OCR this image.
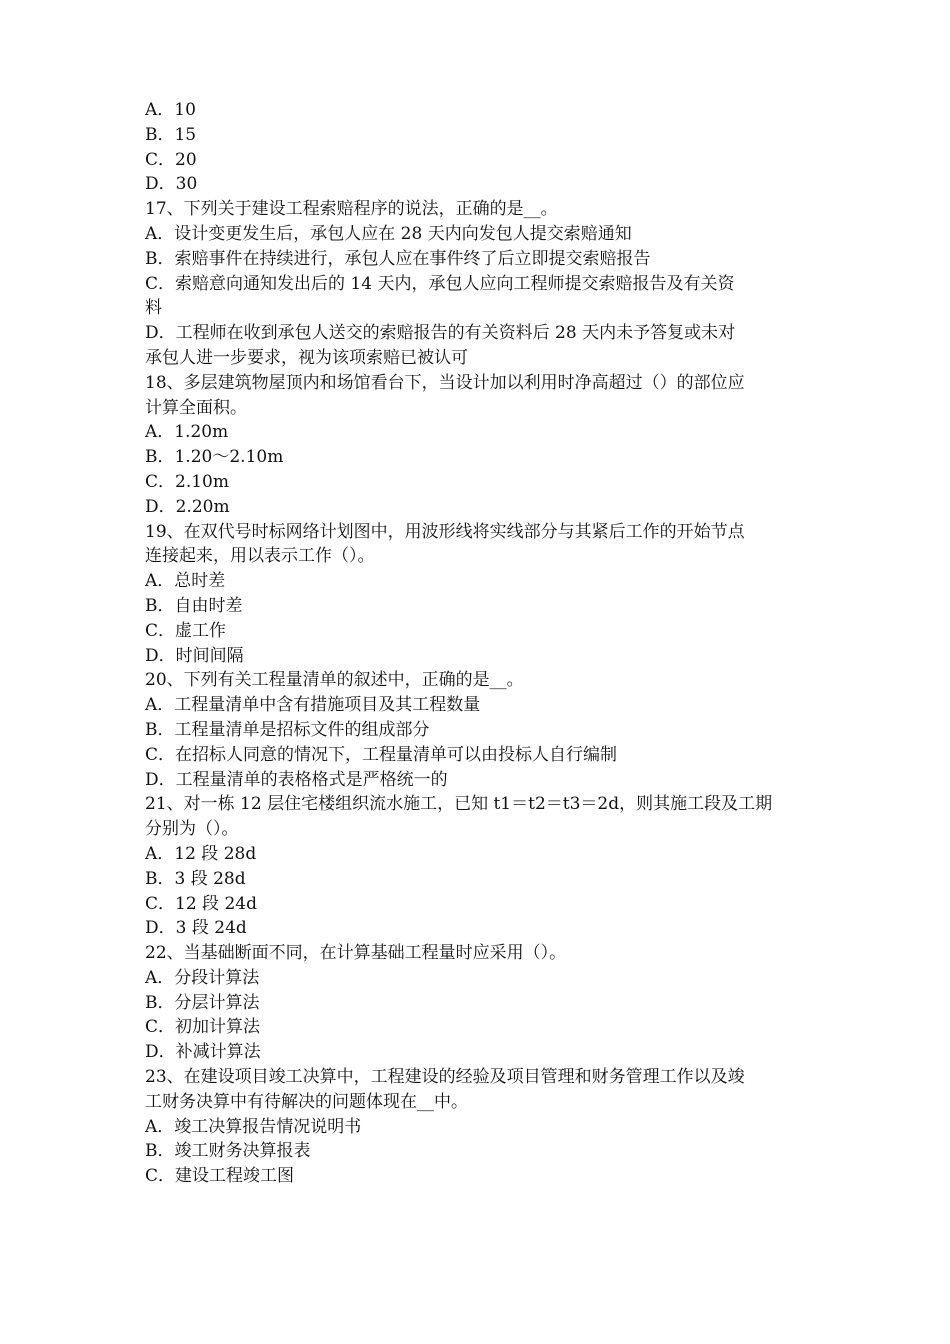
A．10
B．15
C．20
D．30
17、下列关于建设工程索赔程序的说法，正确的是__。
A．设计变更发生后，承包人应在 28 天内向发包人提交索赔通知
B．索赔事件在持续进行，承包人应在事件终了后立即提交索赔报告
C．索赔意向通知发出后的 14 天内，承包人应向工程师提交索赔报告及有关资
料
D．工程师在收到承包人送交的索赔报告的有关资料后 28 天内未予答复或未对
承包人进一步要求，视为该项索赔已被认可
18、多层建筑物屋顶内和场馆看台下，当设计加以利用时净高超过（）的部位应
计算全面积。
A．1.20m
B．1.20～2.10m
C．2.10m
D．2.20m
19、在双代号时标网络计划图中，用波形线将实线部分与其紧后工作的开始节点
连接起来，用以表示工作（）。
A．总时差
B．自由时差
C．虚工作
D．时间间隔
20、下列有关工程量清单的叙述中，正确的是__。
A．工程量清单中含有措施项目及其工程数量
B．工程量清单是招标文件的组成部分
C．在招标人同意的情况下，工程量清单可以由投标人自行编制
D．工程量清单的表格格式是严格统一的
21、对一栋 12 层住宅楼组织流水施工，已知 t1＝t2＝t3＝2d，则其施工段及工期
分别为（）。
A．12 段 28d
B．3 段 28d
C．12 段 24d
D．3 段 24d
22、当基础断面不同，在计算基础工程量时应采用（）。
A．分段计算法
B．分层计算法
C．初加计算法
D．补减计算法
23、在建设项目竣工决算中，工程建设的经验及项目管理和财务管理工作以及竣
工财务决算中有待解决的问题体现在__中。
A．竣工决算报告情况说明书
B．竣工财务决算报表
C．建设工程竣工图
